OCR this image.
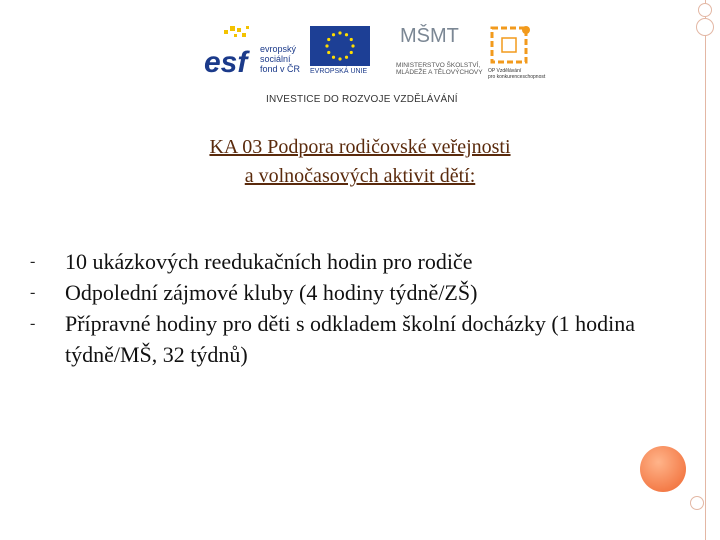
esf	evropský
sociální
fond v ČR EVROPSKÁ UNIE
MŠMT
MINISTERSTVO ŠKOLSTVÍ,
MLÁDEŽE A TĚLOVÝCHOVY OP Vzdělávání
pro konkurenceschopnost
INVESTICE DO ROZVOJE VZDĚLÁVÁNÍ
KA 03 Podpora rodičovské veřejnosti
a volnočasových aktivit dětí:
- 10 ukázkových reedukačních hodin pro rodiče
- Odpolední zájmové kluby (4 hodiny týdně/ZŠ)
- Přípravné hodiny pro děti s odkladem školní docházky (1 hodina týdně/MŠ, 32 týdnů)
